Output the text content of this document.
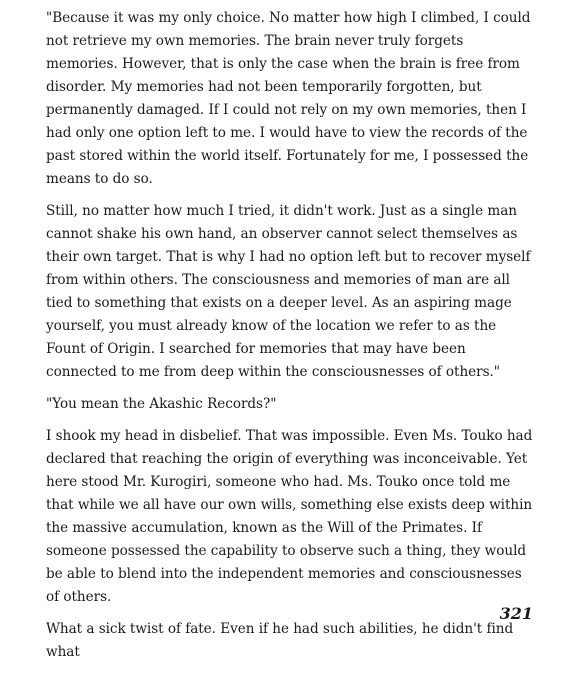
"Because it was my only choice. No matter how high I climbed, I could not retrieve my own memories. The brain never truly forgets memories. However, that is only the case when the brain is free from disorder. My memories had not been temporarily forgotten, but permanently damaged. If I could not rely on my own memories, then I had only one option left to me. I would have to view the records of the past stored within the world itself. Fortunately for me, I possessed the means to do so.

Still, no matter how much I tried, it didn't work. Just as a single man cannot shake his own hand, an observer cannot select themselves as their own target. That is why I had no option left but to recover myself from within others. The consciousness and memories of man are all tied to something that exists on a deeper level. As an aspiring mage yourself, you must already know of the location we refer to as the Fount of Origin. I searched for memories that may have been connected to me from deep within the consciousnesses of others."

"You mean the Akashic Records?"

I shook my head in disbelief. That was impossible. Even Ms. Touko had declared that reaching the origin of everything was inconceivable. Yet here stood Mr. Kurogiri, someone who had. Ms. Touko once told me that while we all have our own wills, something else exists deep within the massive accumulation, known as the Will of the Primates. If someone possessed the capability to observe such a thing, they would be able to blend into the independent memories and consciousnesses of others.

What a sick twist of fate. Even if he had such abilities, he didn't find what

321
